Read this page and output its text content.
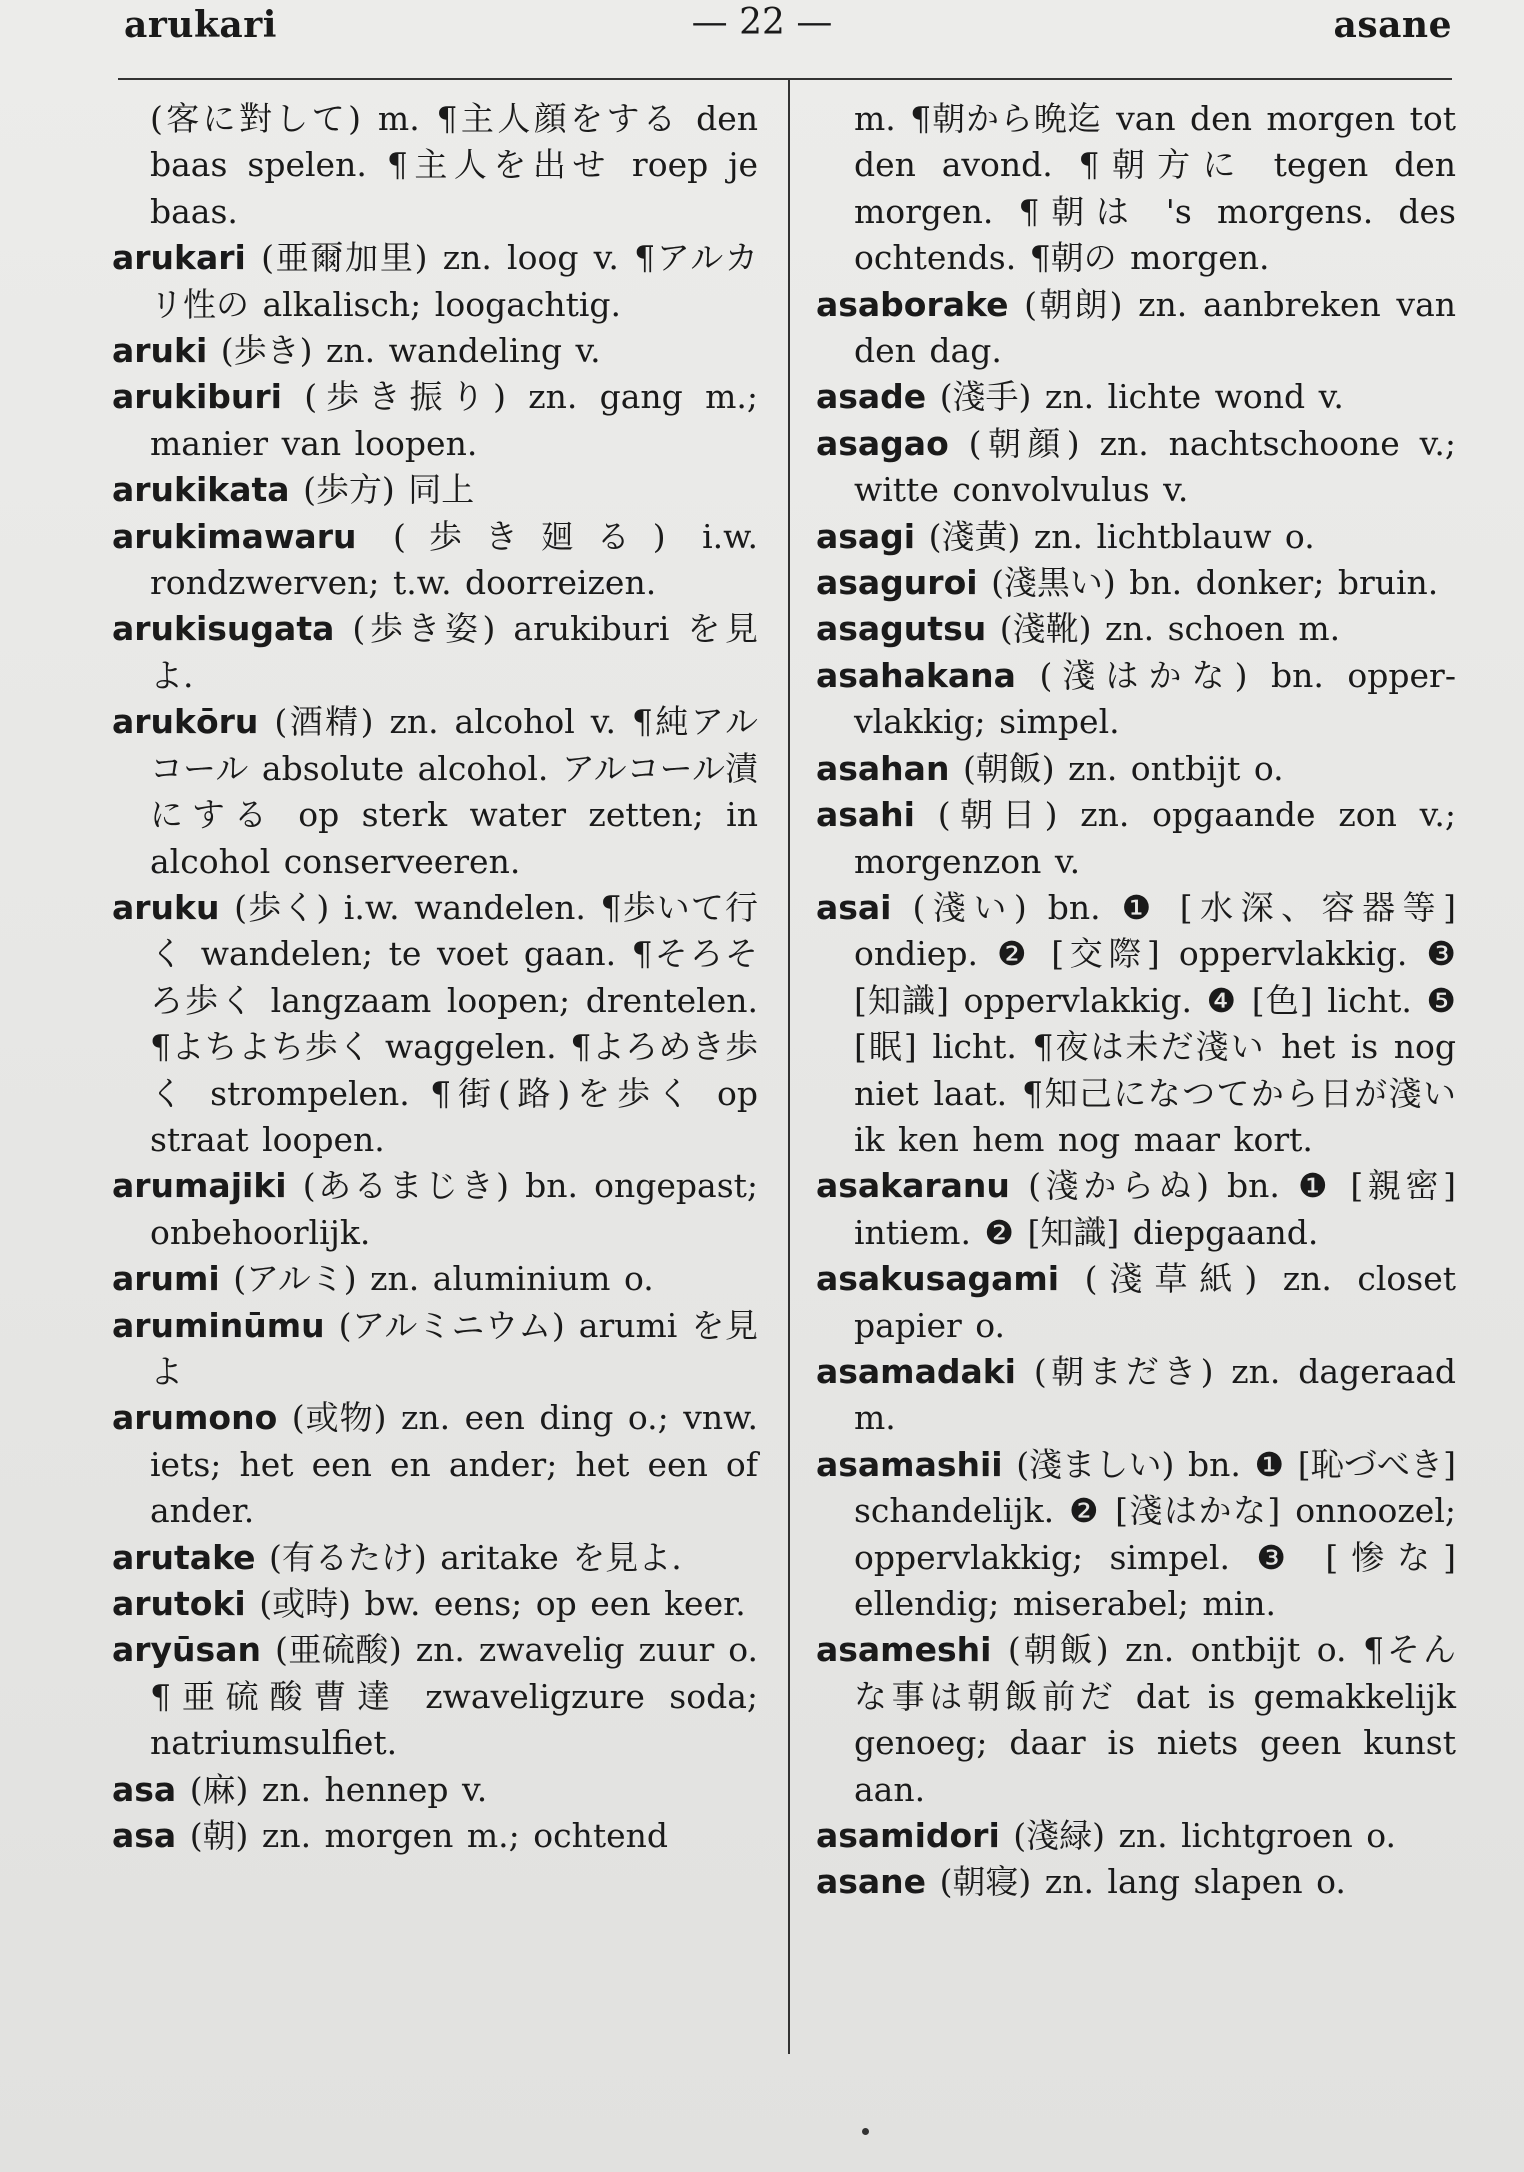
arukari	— 22 —	asane

(客に對して) m. ¶主人顔をする den baas spelen. ¶主人を出せ roep je baas.

arukari (亜爾加里) zn. loog v. ¶アルカリ性の alkalisch; loogachtig.

aruki (歩き) zn. wandeling v.

arukiburi (歩き振り) zn. gang m.; manier van loopen.

arukikata (歩方) 同上

arukimawaru (歩き廻る) i.w. rondzwerven; t.w. doorreizen.

arukisugata (歩き姿) arukiburi を見よ.

arukōru (酒精) zn. alcohol v. ¶純アルコール absolute alcohol. アルコール漬にする op sterk water zetten; in alcohol conserveeren.

aruku (歩く) i.w. wandelen. ¶歩いて行く wandelen; te voet gaan. ¶そろそろ歩く langzaam loopen; drentelen. ¶よちよち歩く waggelen. ¶よろめき歩く strompelen. ¶街(路)を歩く op straat loopen.

arumajiki (あるまじき) bn. ongepast; onbehoorlijk.

arumi (アルミ) zn. aluminium o.

aruminūmu (アルミニウム) arumi を見よ

arumono (或物) zn. een ding o.; vnw. iets; het een en ander; het een of ander.

arutake (有るたけ) aritake を見よ.

arutoki (或時) bw. eens; op een keer.

aryūsan (亜硫酸) zn. zwavelig zuur o. ¶亜硫酸曹達 zwaveligzure soda; natriumsulfiet.

asa (麻) zn. hennep v.

asa (朝) zn. morgen m.; ochtend

m. ¶朝から晩迄 van den morgen tot den avond. ¶朝方に tegen den morgen. ¶朝は 's morgens. des ochtends. ¶朝の morgen.

asaborake (朝朗) zn. aanbreken van den dag.

asade (淺手) zn. lichte wond v.

asagao (朝顔) zn. nachtschoone v.; witte convolvulus v.

asagi (淺黄) zn. lichtblauw o.

asaguroi (淺黒い) bn. donker; bruin.

asagutsu (淺靴) zn. schoen m.

asahakana (淺はかな) bn. oppervlakkig; simpel.

asahan (朝飯) zn. ontbijt o.

asahi (朝日) zn. opgaande zon v.; morgenzon v.

asai (淺い) bn. ❶ [水深、容器等] ondiep. ❷ [交際] oppervlakkig. ❸ [知識] oppervlakkig. ❹ [色] licht. ❺ [眠] licht. ¶夜は未だ淺い het is nog niet laat. ¶知己になつてから日が淺い ik ken hem nog maar kort.

asakaranu (淺からぬ) bn. ❶ [親密] intiem. ❷ [知識] diepgaand.

asakusagami (淺草紙) zn. closet papier o.

asamadaki (朝まだき) zn. dageraad m.

asamashii (淺ましい) bn. ❶ [恥づべき] schandelijk. ❷ [淺はかな] onnoozel; oppervlakkig; simpel. ❸ [惨な] ellendig; miserabel; min.

asameshi (朝飯) zn. ontbijt o. ¶そんな事は朝飯前だ dat is gemakkelijk genoeg; daar is niets geen kunst aan.

asamidori (淺緑) zn. lichtgroen o.

asane (朝寝) zn. lang slapen o.
